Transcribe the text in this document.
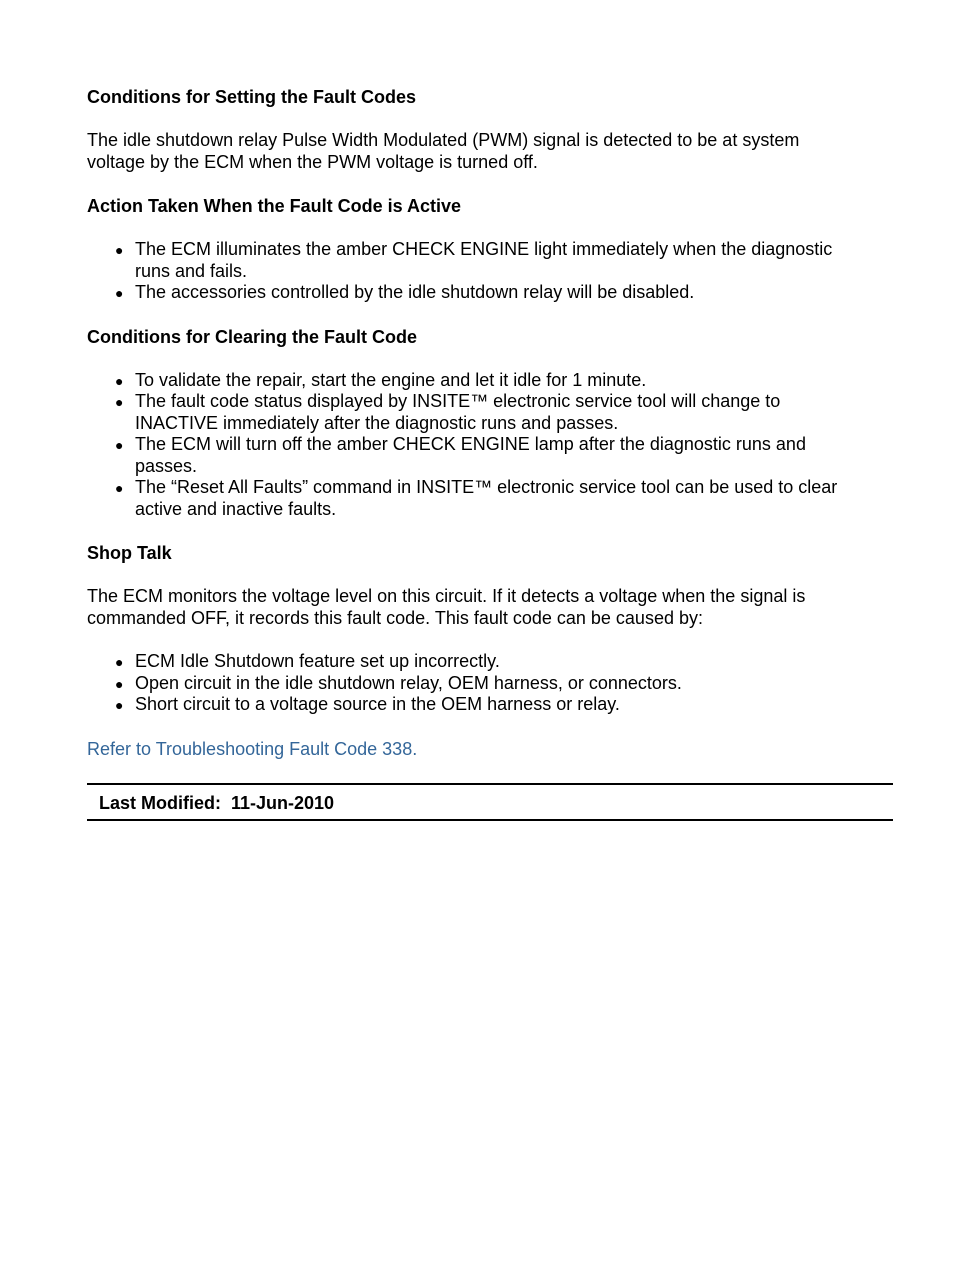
Conditions for Setting the Fault Codes

The idle shutdown relay Pulse Width Modulated (PWM) signal is detected to be at system
voltage by the ECM when the PWM voltage is turned off.

Action Taken When the Fault Code is Active
● The ECM illuminates the amber CHECK ENGINE light immediately when the diagnostic
runs and fails.
● The accessories controlled by the idle shutdown relay will be disabled.
Conditions for Clearing the Fault Code
● To validate the repair, start the engine and let it idle for 1 minute.
● The fault code status displayed by INSITE™ electronic service tool will change to
INACTIVE immediately after the diagnostic runs and passes.
● The ECM will turn off the amber CHECK ENGINE lamp after the diagnostic runs and
passes.
● The “Reset All Faults” command in INSITE™ electronic service tool can be used to clear
active and inactive faults.
Shop Talk

The ECM monitors the voltage level on this circuit. If it detects a voltage when the signal is
commanded OFF, it records this fault code. This fault code can be caused by:

● ECM Idle Shutdown feature set up incorrectly.
● Open circuit in the idle shutdown relay, OEM harness, or connectors.
● Short circuit to a voltage source in the OEM harness or relay.
Refer to Troubleshooting Fault Code 338.
Last Modified:  11-Jun-2010
